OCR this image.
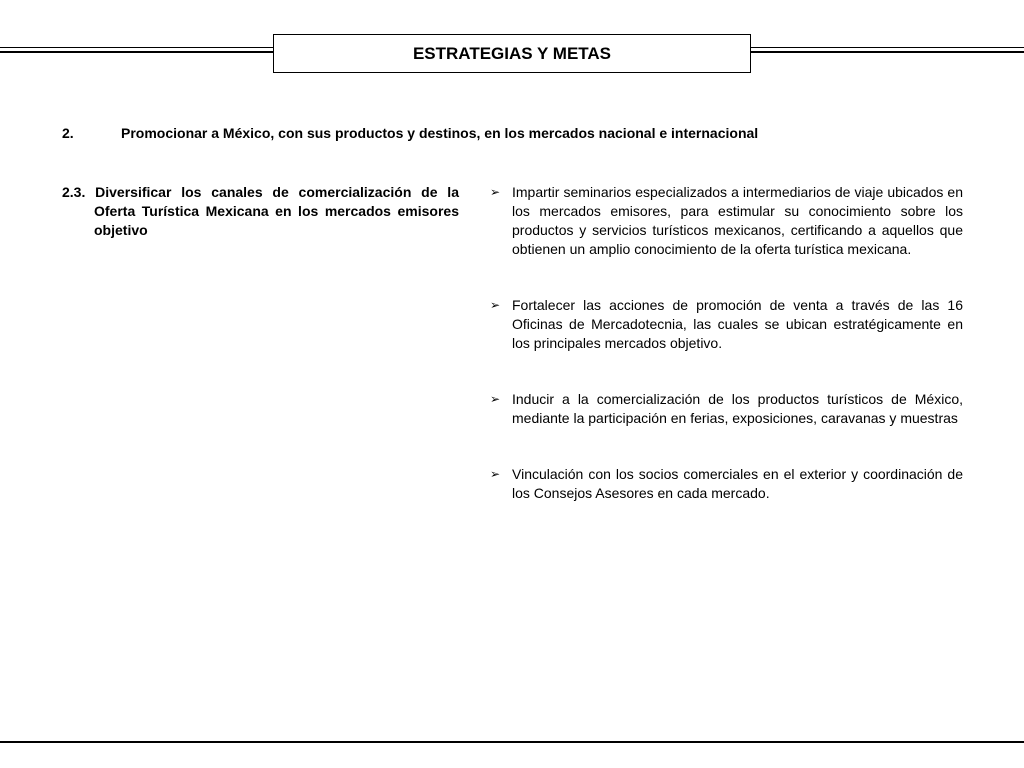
ESTRATEGIAS Y METAS
2.	Promocionar a México, con sus productos y destinos, en los mercados nacional e internacional
2.3. Diversificar los canales de comercialización de la Oferta Turística Mexicana en los mercados emisores objetivo
➢ Impartir seminarios especializados a intermediarios de viaje ubicados en los mercados emisores, para estimular su conocimiento sobre los productos y servicios turísticos mexicanos, certificando a aquellos que obtienen un amplio conocimiento de la oferta turística mexicana.
➢ Fortalecer las acciones de promoción de venta a través de las 16 Oficinas de Mercadotecnia, las cuales se ubican estratégicamente en los principales mercados objetivo.
➢ Inducir a la comercialización de los productos turísticos de México, mediante la participación en ferias, exposiciones, caravanas y muestras
➢ Vinculación con los socios comerciales en el exterior y coordinación de los Consejos Asesores en cada mercado.
